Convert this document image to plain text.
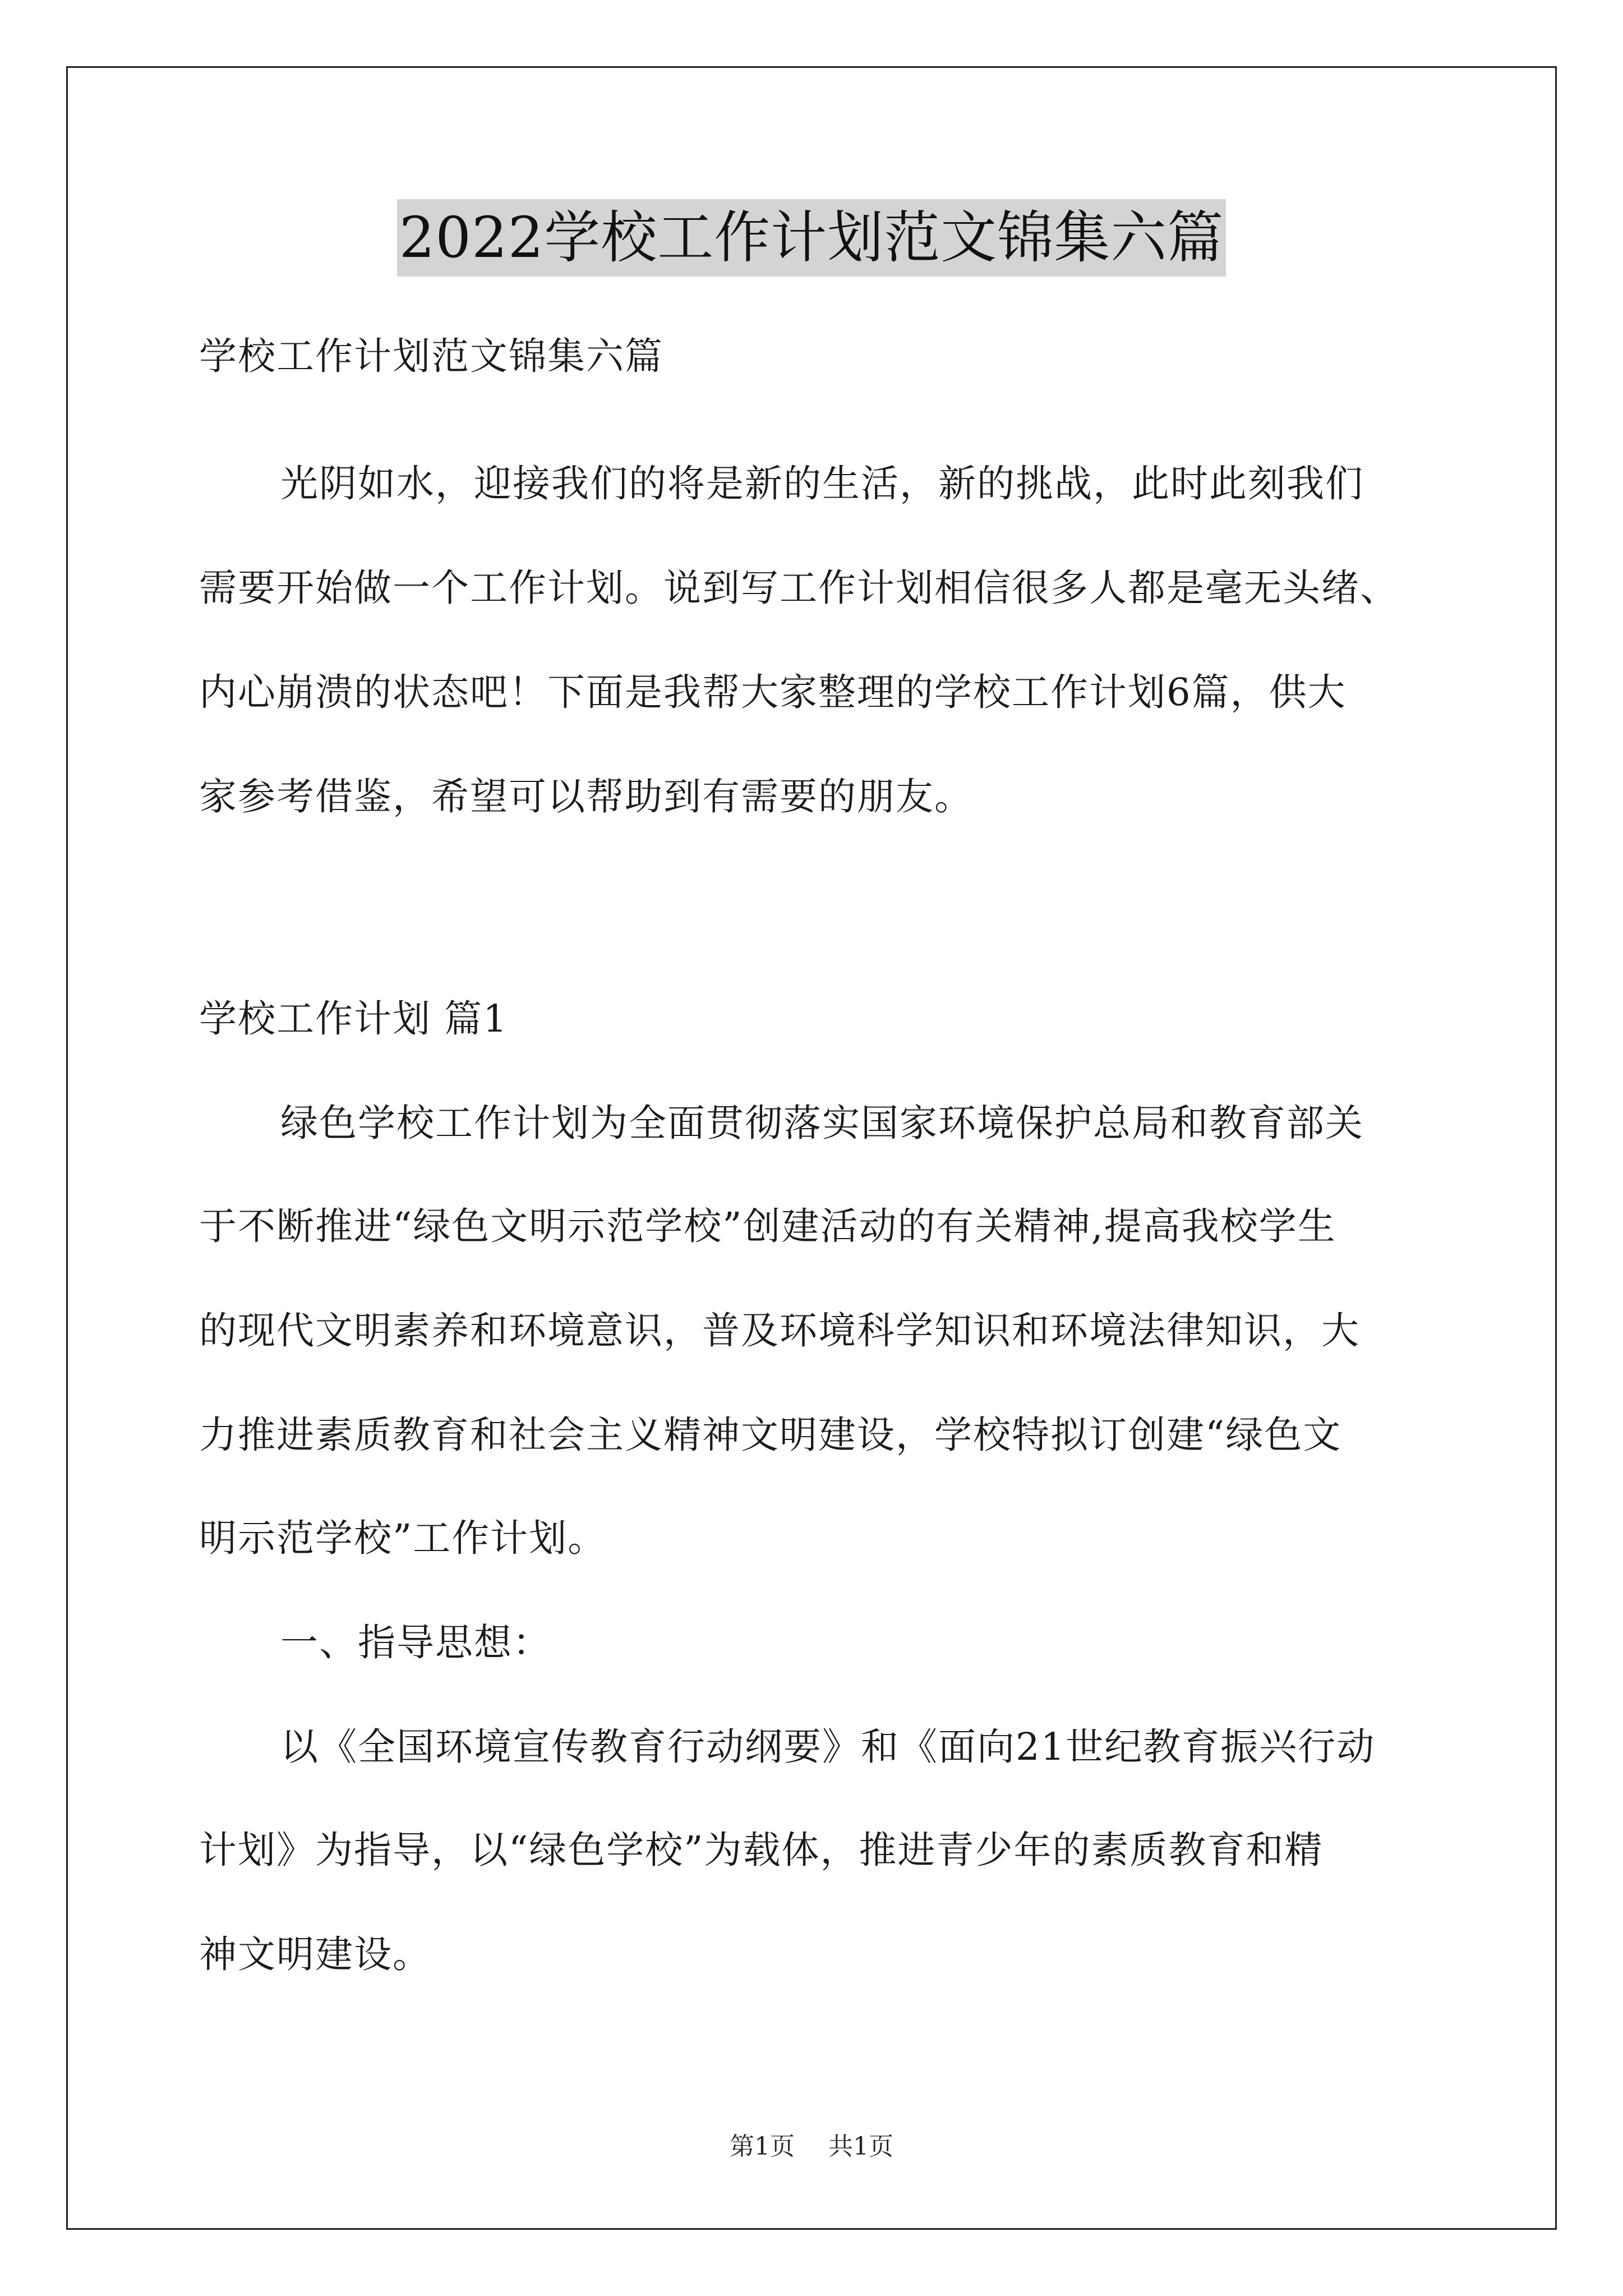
2022学校工作计划范文锦集六篇
学校工作计划范文锦集六篇
光阴如水，迎接我们的将是新的生活，新的挑战，此时此刻我们
需要开始做一个工作计划。说到写工作计划相信很多人都是毫无头绪、
内心崩溃的状态吧！下面是我帮大家整理的学校工作计划6篇，供大
家参考借鉴，希望可以帮助到有需要的朋友。
学校工作计划 篇1
绿色学校工作计划为全面贯彻落实国家环境保护总局和教育部关
于不断推进“绿色文明示范学校”创建活动的有关精神,提高我校学生
的现代文明素养和环境意识，普及环境科学知识和环境法律知识，大
力推进素质教育和社会主义精神文明建设，学校特拟订创建“绿色文
明示范学校”工作计划。
一、指导思想：
以《全国环境宣传教育行动纲要》和《面向21世纪教育振兴行动
计划》为指导，以“绿色学校”为载体，推进青少年的素质教育和精
神文明建设。
第1页 共1页
